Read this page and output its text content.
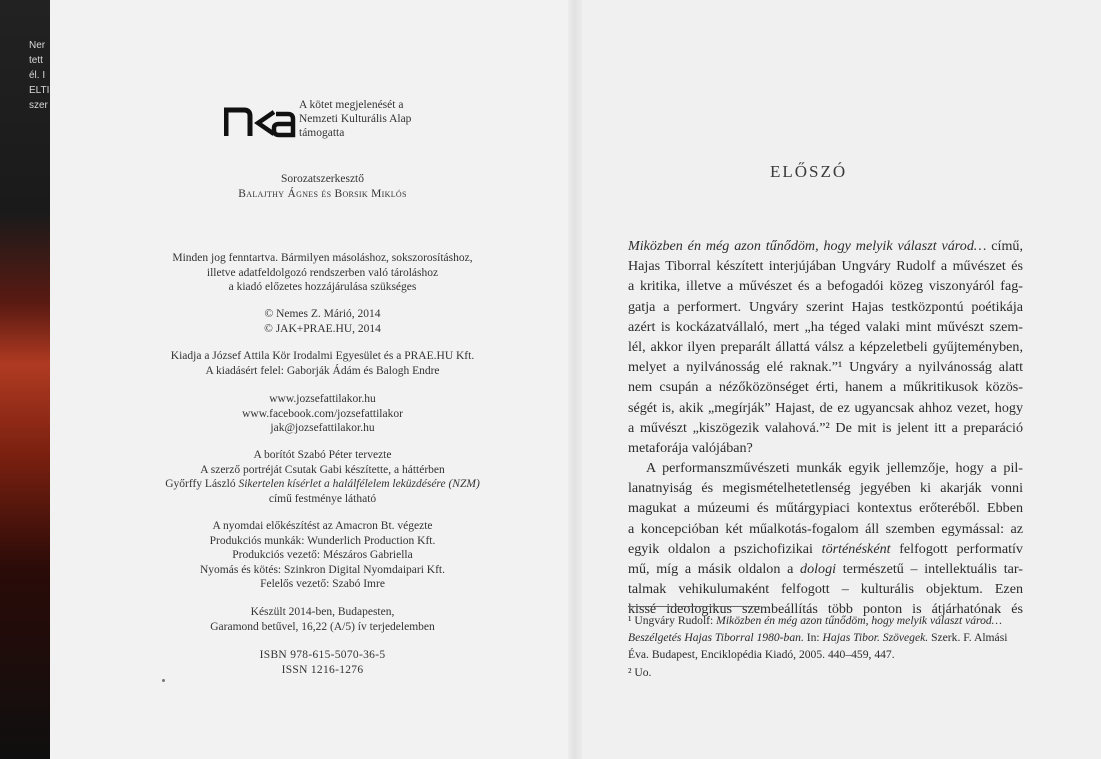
Ner
tett
él. I
ELTI
szer	A kötet megjelenését a
Nemzeti Kulturális Alap
támogatta
Sorozatszerkesztő
Balajthy Ágnes és Borsik Miklós
Minden jog fenntartva. Bármilyen másoláshoz, sokszorosításhoz,
illetve adatfeldolgozó rendszerben való tároláshoz
a kiadó előzetes hozzájárulása szükséges
© Nemes Z. Márió, 2014
© JAK+PRAE.HU, 2014
Kiadja a József Attila Kör Irodalmi Egyesület és a PRAE.HU Kft.
A kiadásért felel: Gaborják Ádám és Balogh Endre
www.jozsefattilakor.hu
www.facebook.com/jozsefattilakor
jak@jozsefattilakor.hu
A borítót Szabó Péter tervezte
A szerző portréját Csutak Gabi készítette, a háttérben
Győrffy László Sikertelen kísérlet a halálfélelem leküzdésére (NZM)
című festménye látható
A nyomdai előkészítést az Amacron Bt. végezte
Produkciós munkák: Wunderlich Production Kft.
Produkciós vezető: Mészáros Gabriella
Nyomás és kötés: Szinkron Digital Nyomdaipari Kft.
Felelős vezető: Szabó Imre
Készült 2014-ben, Budapesten,
Garamond betűvel, 16,22 (A/5) ív terjedelemben
ISBN 978-615-5070-36-5
ISSN 1216-1276
ELŐSZÓ
Miközben én még azon tűnődöm, hogy melyik választ várod… című,
Hajas Tiborral készített interjújában Ungváry Rudolf a művészet és
a kritika, illetve a művészet és a befogadói közeg viszonyáról fag-
gatja a performert. Ungváry szerint Hajas testközpontú poétikája
azért is kockázatvállaló, mert „ha téged valaki mint művészt szem-
lél, akkor ilyen preparált állattá válsz a képzeletbeli gyűjteményben,
melyet a nyilvánosság elé raknak.”¹ Ungváry a nyilvánosság alatt
nem csupán a nézőközönséget érti, hanem a műkritikusok közös-
ségét is, akik „megírják” Hajast, de ez ugyancsak ahhoz vezet, hogy
a művészt „kiszögezik valahová.”² De mit is jelent itt a preparáció
metaforája valójában?
A performanszművészeti munkák egyik jellemzője, hogy a pil-
lanatnyiság és megismételhetetlenség jegyében ki akarják vonni
magukat a múzeumi és műtárgypiaci kontextus erőteréből. Ebben
a koncepcióban két műalkotás-fogalom áll szemben egymással: az
egyik oldalon a pszichofizikai történésként felfogott performatív
mű, míg a másik oldalon a dologi természetű – intellektuális tar-
talmak vehikulumaként felfogott – kulturális objektum. Ezen
kissé ideologikus szembeállítás több ponton is átjárhatónak és
¹ Ungváry Rudolf: Miközben én még azon tűnődöm, hogy melyik választ várod…
Beszélgetés Hajas Tiborral 1980-ban. In: Hajas Tibor. Szövegek. Szerk. F. Almási
Éva. Budapest, Enciklopédia Kiadó, 2005. 440–459, 447.
² Uo.
